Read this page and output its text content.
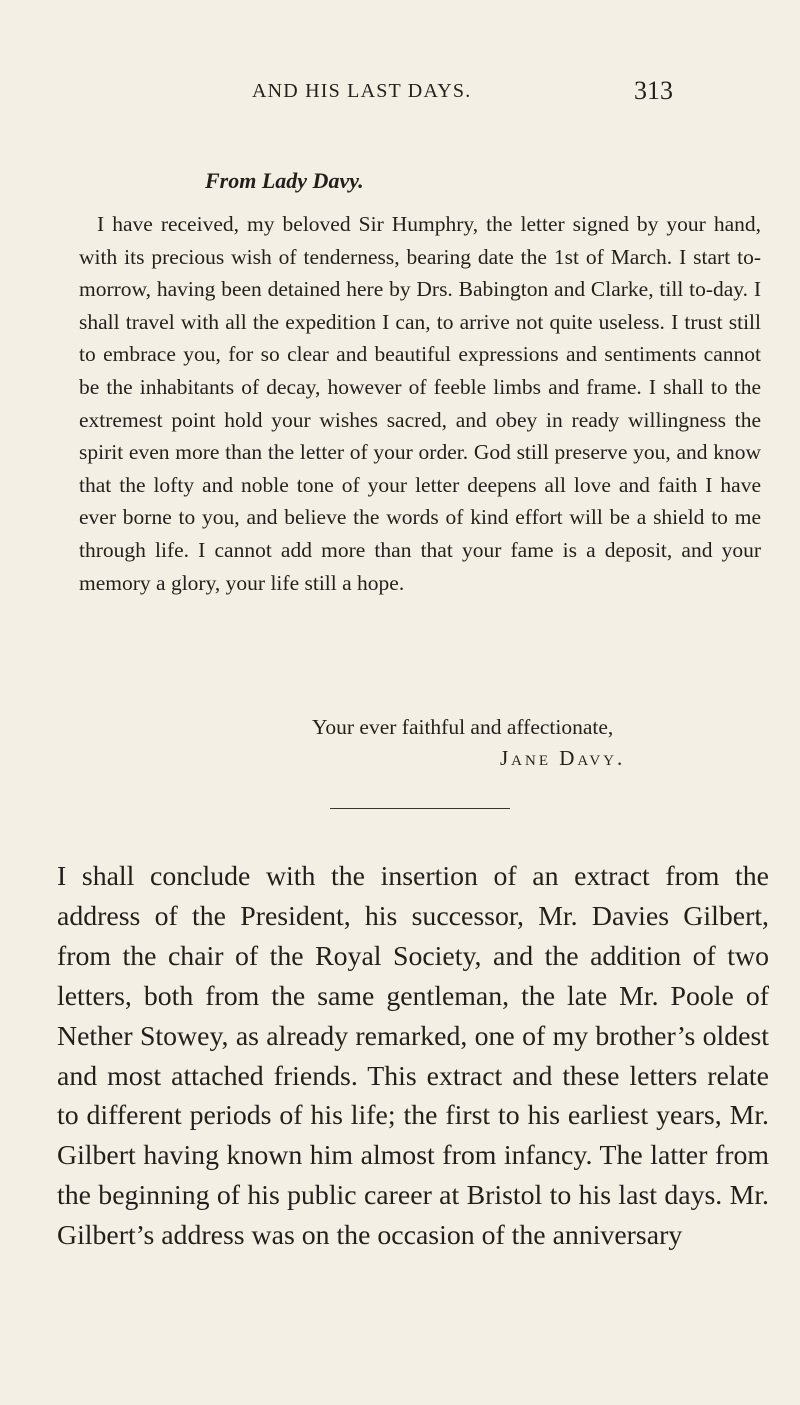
AND HIS LAST DAYS.	313
From Lady Davy.

I have received, my beloved Sir Humphry, the letter signed by your hand, with its precious wish of tenderness, bearing date the 1st of March. I start to-morrow, having been detained here by Drs. Babington and Clarke, till to-day. I shall travel with all the expedition I can, to arrive not quite useless. I trust still to embrace you, for so clear and beautiful expressions and sentiments cannot be the inhabitants of decay, however of feeble limbs and frame. I shall to the extremest point hold your wishes sacred, and obey in ready willingness the spirit even more than the letter of your order. God still preserve you, and know that the lofty and noble tone of your letter deepens all love and faith I have ever borne to you, and believe the words of kind effort will be a shield to me through life. I cannot add more than that your fame is a deposit, and your memory a glory, your life still a hope.

Your ever faithful and affectionate,
Jane Davy.

I shall conclude with the insertion of an extract from the address of the President, his successor, Mr. Davies Gilbert, from the chair of the Royal Society, and the addition of two letters, both from the same gentleman, the late Mr. Poole of Nether Stowey, as already remarked, one of my brother’s oldest and most attached friends. This extract and these letters relate to different periods of his life; the first to his earliest years, Mr. Gilbert having known him almost from infancy. The latter from the beginning of his public career at Bristol to his last days. Mr. Gilbert’s address was on the occasion of the anniversary
